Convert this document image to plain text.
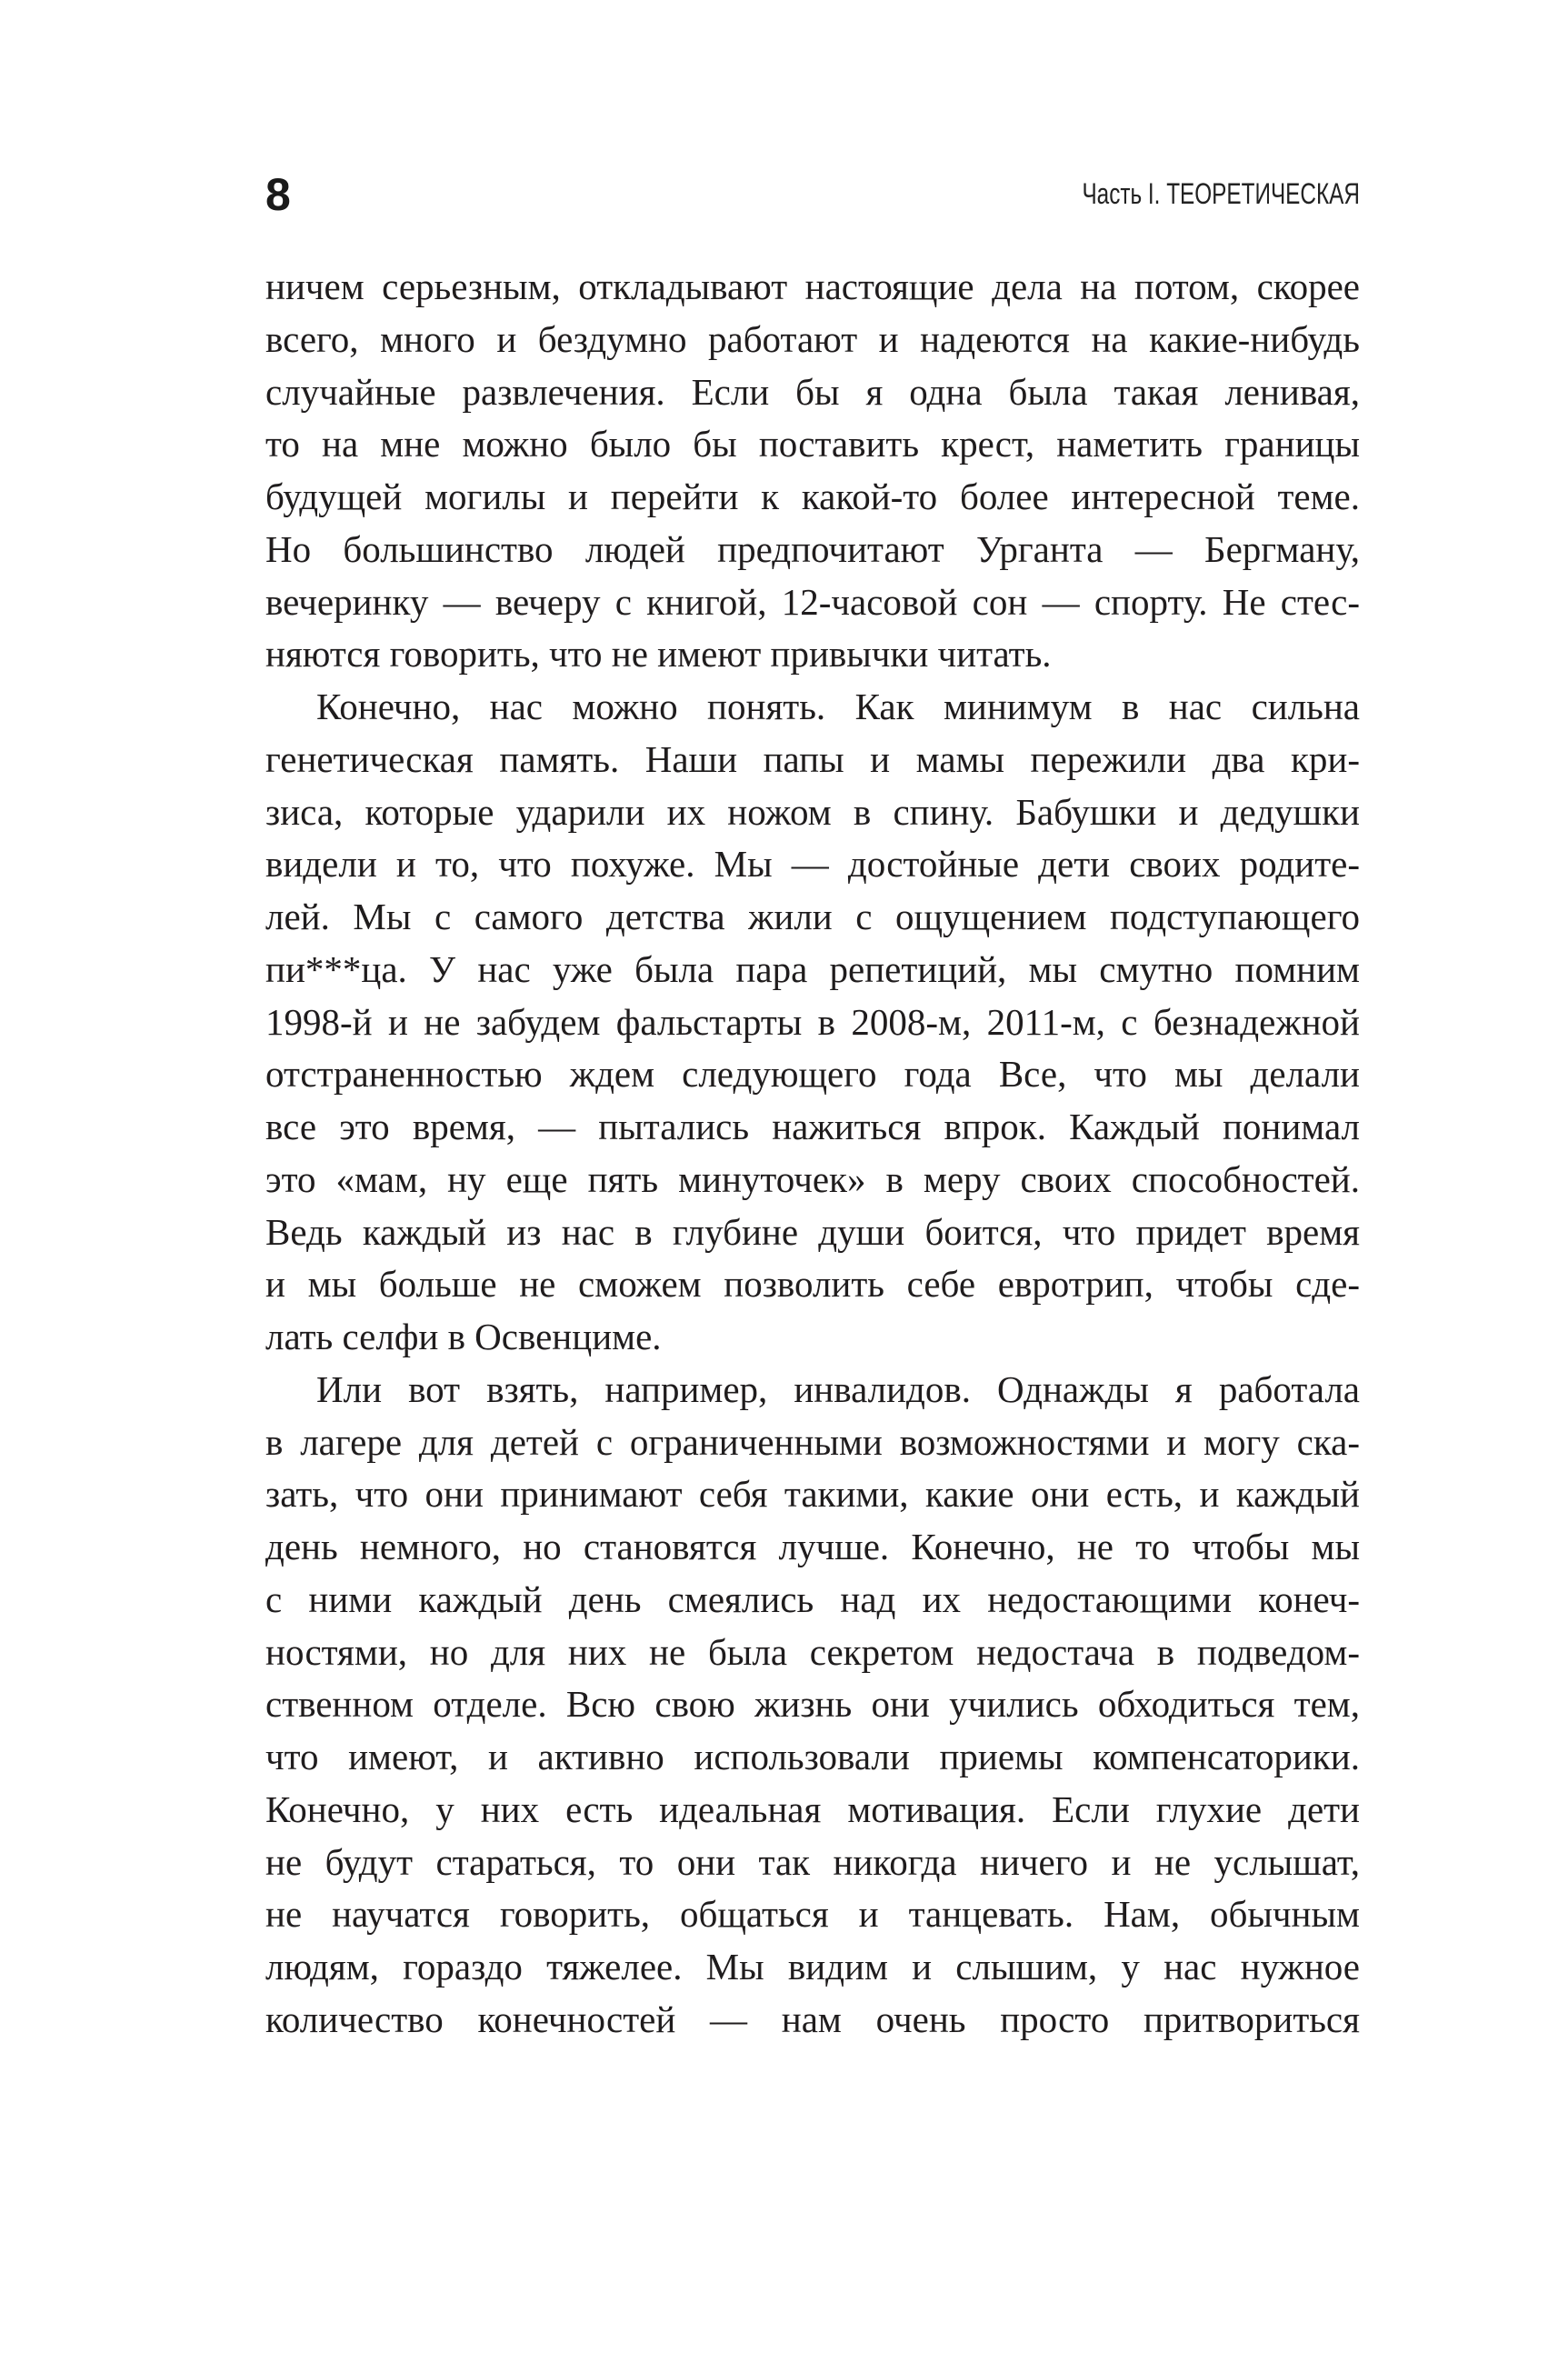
8	Часть I. ТЕОРЕТИЧЕСКАЯ
ничем серьезным, откладывают настоящие дела на потом, скорее
всего, много и бездумно работают и надеются на какие-нибудь
случайные развлечения. Если бы я одна была такая ленивая,
то на мне можно было бы поставить крест, наметить границы
будущей могилы и перейти к какой-то более интересной теме.
Но большинство людей предпочитают Урганта — Бергману,
вечеринку — вечеру с книгой, 12-часовой сон — спорту. Не стес-
няются говорить, что не имеют привычки читать.
Конечно, нас можно понять. Как минимум в нас сильна
генетическая память. Наши папы и мамы пережили два кри-
зиса, которые ударили их ножом в спину. Бабушки и дедушки
видели и то, что похуже. Мы — достойные дети своих родите-
лей. Мы с самого детства жили с ощущением подступающего
пи***ца. У нас уже была пара репетиций, мы смутно помним
1998-й и не забудем фальстарты в 2008-м, 2011-м, с безнадежной
отстраненностью ждем следующего года Все, что мы делали
все это время, — пытались нажиться впрок. Каждый понимал
это «мам, ну еще пять минуточек» в меру своих способностей.
Ведь каждый из нас в глубине души боится, что придет время
и мы больше не сможем позволить себе евротрип, чтобы сде-
лать селфи в Освенциме.
Или вот взять, например, инвалидов. Однажды я работала
в лагере для детей с ограниченными возможностями и могу ска-
зать, что они принимают себя такими, какие они есть, и каждый
день немного, но становятся лучше. Конечно, не то чтобы мы
с ними каждый день смеялись над их недостающими конеч-
ностями, но для них не была секретом недостача в подведом-
ственном отделе. Всю свою жизнь они учились обходиться тем,
что имеют, и активно использовали приемы компенсаторики.
Конечно, у них есть идеальная мотивация. Если глухие дети
не будут стараться, то они так никогда ничего и не услышат,
не научатся говорить, общаться и танцевать. Нам, обычным
людям, гораздо тяжелее. Мы видим и слышим, у нас нужное
количество конечностей — нам очень просто притвориться
